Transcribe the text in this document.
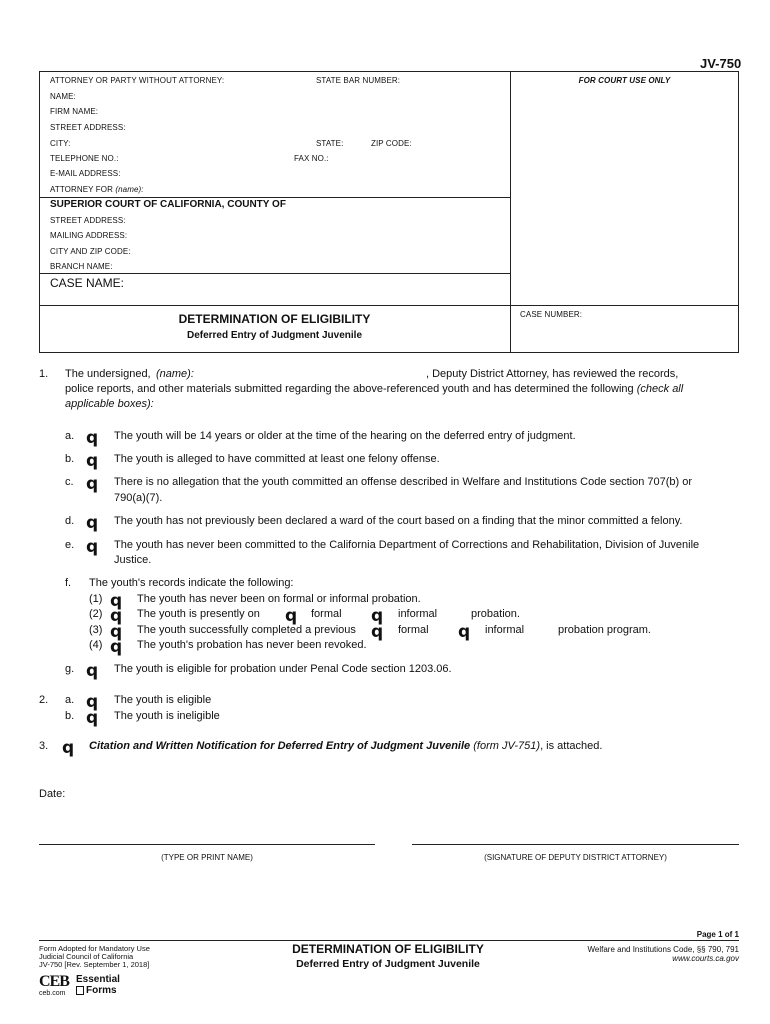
JV-750
ATTORNEY OR PARTY WITHOUT ATTORNEY:	STATE BAR NUMBER:	FOR COURT USE ONLY
NAME:
FIRM NAME:
STREET ADDRESS:
CITY:	STATE:	ZIP CODE:
TELEPHONE NO.:	FAX NO.:
E-MAIL ADDRESS:
ATTORNEY FOR (name):
SUPERIOR COURT OF CALIFORNIA, COUNTY OF
STREET ADDRESS:
MAILING ADDRESS:
CITY AND ZIP CODE:
BRANCH NAME:
CASE NAME:
DETERMINATION OF ELIGIBILITY
Deferred Entry of Judgment Juvenile
CASE NUMBER:
1. The undersigned, (name):	, Deputy District Attorney, has reviewed the records,
police reports, and other materials submitted regarding the above-referenced youth and has determined the following (check all
applicable boxes):
a. q The youth will be 14 years or older at the time of the hearing on the deferred entry of judgment.
b. q The youth is alleged to have committed at least one felony offense.
c. q There is no allegation that the youth committed an offense described in Welfare and Institutions Code section 707(b) or
790(a)(7).
d. q The youth has not previously been declared a ward of the court based on a finding that the minor committed a felony.
e. q The youth has never been committed to the California Department of Corrections and Rehabilitation, Division of Juvenile
Justice.
f. The youth's records indicate the following:
(1) q The youth has never been on formal or informal probation.
(2) q The youth is presently on q formal q informal	probation.
(3) q The youth successfully completed a previous q formal q informal	probation program.
(4) q The youth's probation has never been revoked.
g. q The youth is eligible for probation under Penal Code section 1203.06.
2. a. q The youth is eligible
b. q The youth is ineligible
3. q Citation and Written Notification for Deferred Entry of Judgment Juvenile (form JV-751), is attached.
Date:
(TYPE OR PRINT NAME)	(SIGNATURE OF DEPUTY DISTRICT ATTORNEY)
Page 1 of 1
Form Adopted for Mandatory Use
Judicial Council of California
JV-750 [Rev. September 1, 2018]
DETERMINATION OF ELIGIBILITY
Deferred Entry of Judgment Juvenile
Welfare and Institutions Code, §§ 790, 791
www.courts.ca.gov
CEB
ceb.com
Essential
Forms
